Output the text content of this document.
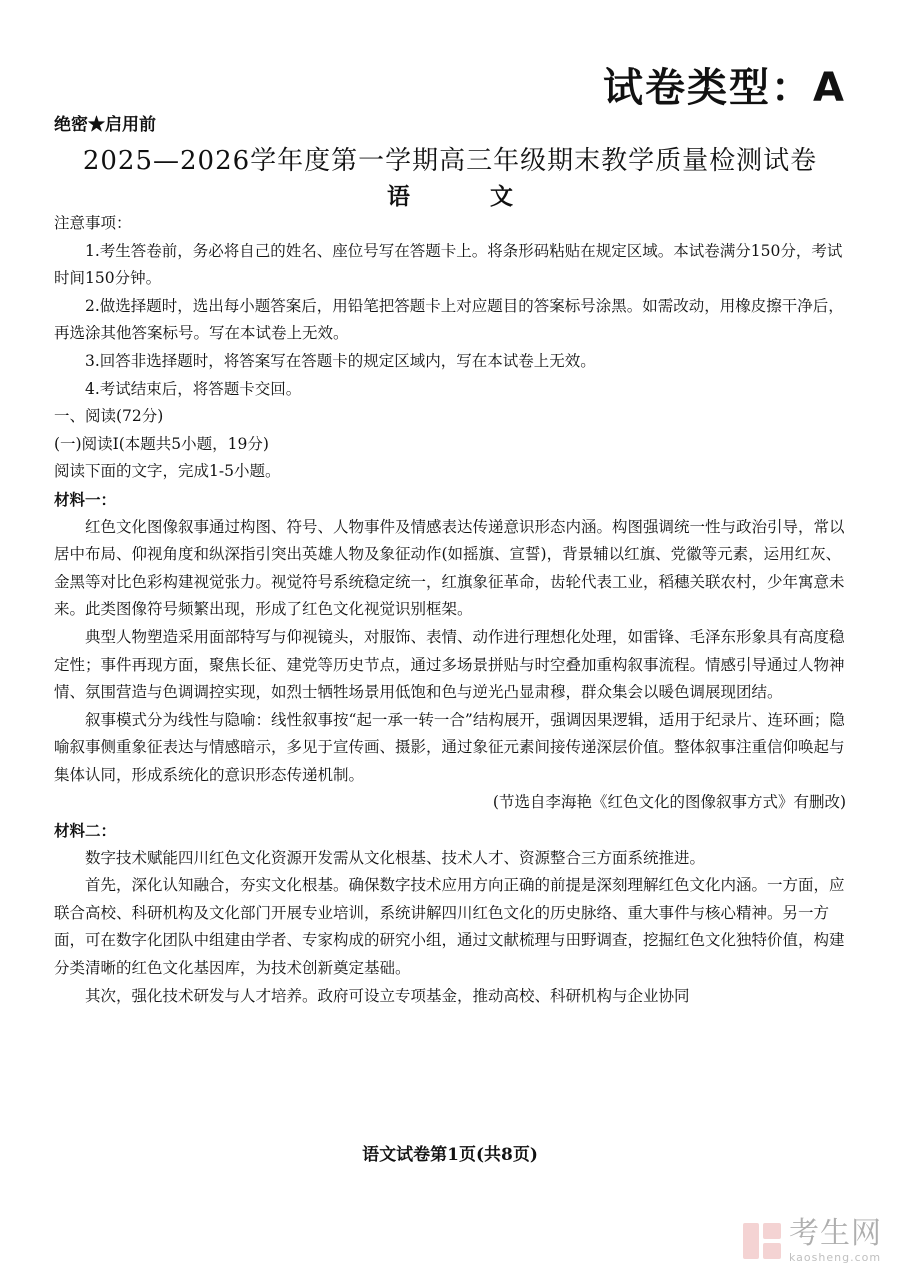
试卷类型：A
绝密★启用前
2025—2026学年度第一学期高三年级期末教学质量检测试卷
语文

注意事项：

1.考生答卷前，务必将自己的姓名、座位号写在答题卡上。将条形码粘贴在规定区域。本试卷满分150分，考试时间150分钟。

2.做选择题时，选出每小题答案后，用铅笔把答题卡上对应题目的答案标号涂黑。如需改动，用橡皮擦干净后，再选涂其他答案标号。写在本试卷上无效。

3.回答非选择题时，将答案写在答题卡的规定区域内，写在本试卷上无效。

4.考试结束后，将答题卡交回。

一、阅读(72分)

(一)阅读Ⅰ(本题共5小题，19分)

阅读下面的文字，完成1-5小题。

材料一：

红色文化图像叙事通过构图、符号、人物事件及情感表达传递意识形态内涵。构图强调统一性与政治引导，常以居中布局、仰视角度和纵深指引突出英雄人物及象征动作(如摇旗、宣誓)，背景辅以红旗、党徽等元素，运用红灰、金黑等对比色彩构建视觉张力。视觉符号系统稳定统一，红旗象征革命，齿轮代表工业，稻穗关联农村，少年寓意未来。此类图像符号频繁出现，形成了红色文化视觉识别框架。

典型人物塑造采用面部特写与仰视镜头，对服饰、表情、动作进行理想化处理，如雷锋、毛泽东形象具有高度稳定性；事件再现方面，聚焦长征、建党等历史节点，通过多场景拼贴与时空叠加重构叙事流程。情感引导通过人物神情、氛围营造与色调调控实现，如烈士牺牲场景用低饱和色与逆光凸显肃穆，群众集会以暖色调展现团结。

叙事模式分为线性与隐喻：线性叙事按“起一承一转一合”结构展开，强调因果逻辑，适用于纪录片、连环画；隐喻叙事侧重象征表达与情感暗示，多见于宣传画、摄影，通过象征元素间接传递深层价值。整体叙事注重信仰唤起与集体认同，形成系统化的意识形态传递机制。

(节选自李海艳《红色文化的图像叙事方式》有删改)

材料二：

数字技术赋能四川红色文化资源开发需从文化根基、技术人才、资源整合三方面系统推进。

首先，深化认知融合，夯实文化根基。确保数字技术应用方向正确的前提是深刻理解红色文化内涵。一方面，应联合高校、科研机构及文化部门开展专业培训，系统讲解四川红色文化的历史脉络、重大事件与核心精神。另一方面，可在数字化团队中组建由学者、专家构成的研究小组，通过文献梳理与田野调查，挖掘红色文化独特价值，构建分类清晰的红色文化基因库，为技术创新奠定基础。

其次，强化技术研发与人才培养。政府可设立专项基金，推动高校、科研机构与企业协同

语文试卷第1页(共8页)
考生网
kaosheng.com
